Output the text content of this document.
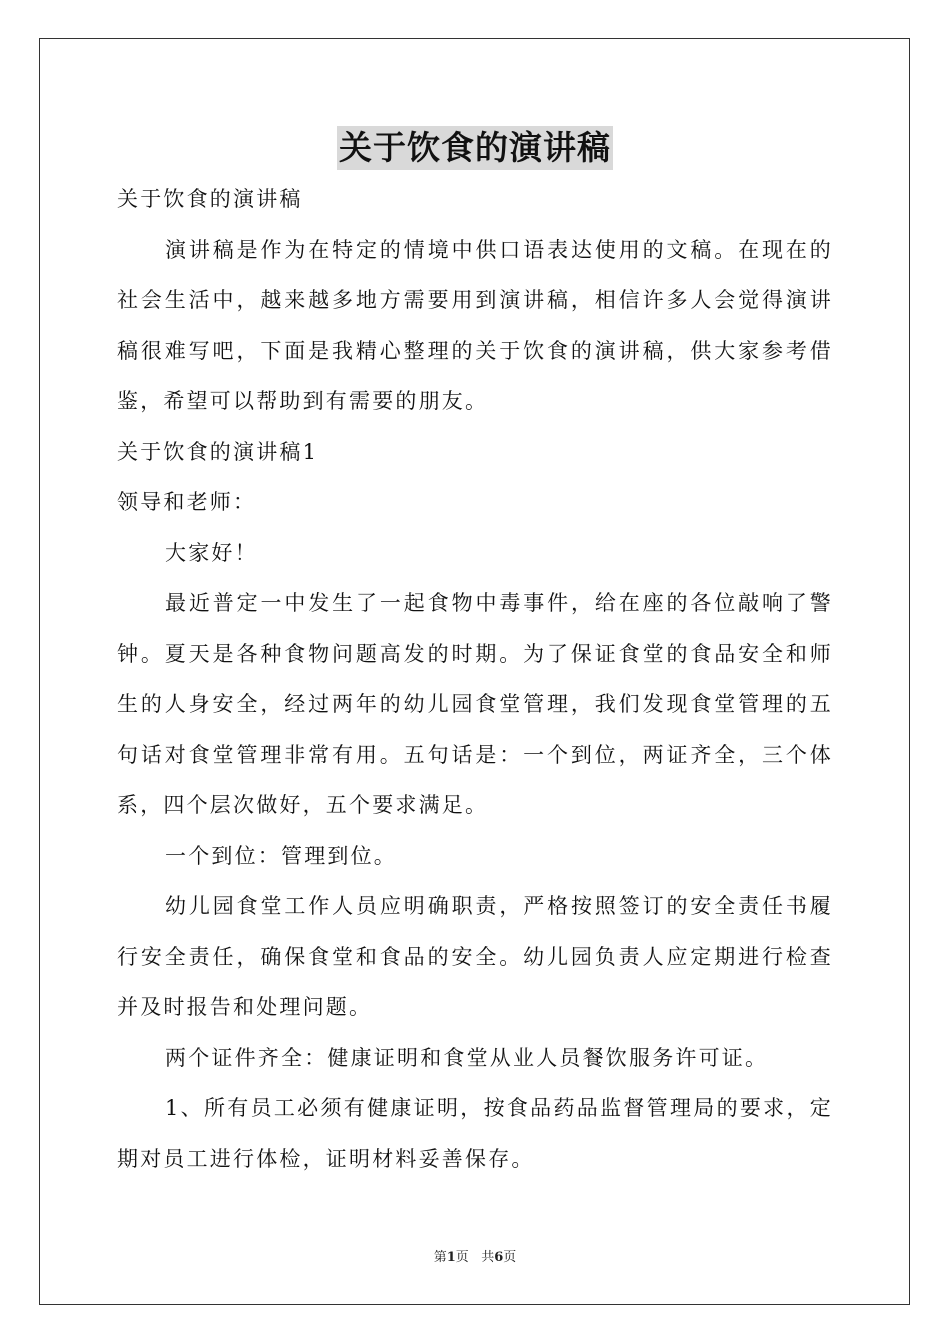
关于饮食的演讲稿

关于饮食的演讲稿

演讲稿是作为在特定的情境中供口语表达使用的文稿。在现在的社会生活中，越来越多地方需要用到演讲稿，相信许多人会觉得演讲稿很难写吧，下面是我精心整理的关于饮食的演讲稿，供大家参考借鉴，希望可以帮助到有需要的朋友。

关于饮食的演讲稿1

领导和老师：

大家好！

最近普定一中发生了一起食物中毒事件，给在座的各位敲响了警钟。夏天是各种食物问题高发的时期。为了保证食堂的食品安全和师生的人身安全，经过两年的幼儿园食堂管理，我们发现食堂管理的五句话对食堂管理非常有用。五句话是：一个到位，两证齐全，三个体系，四个层次做好，五个要求满足。

一个到位：管理到位。

幼儿园食堂工作人员应明确职责，严格按照签订的安全责任书履行安全责任，确保食堂和食品的安全。幼儿园负责人应定期进行检查并及时报告和处理问题。

两个证件齐全：健康证明和食堂从业人员餐饮服务许可证。

1、所有员工必须有健康证明，按食品药品监督管理局的要求，定期对员工进行体检，证明材料妥善保存。

第1页 共6页
